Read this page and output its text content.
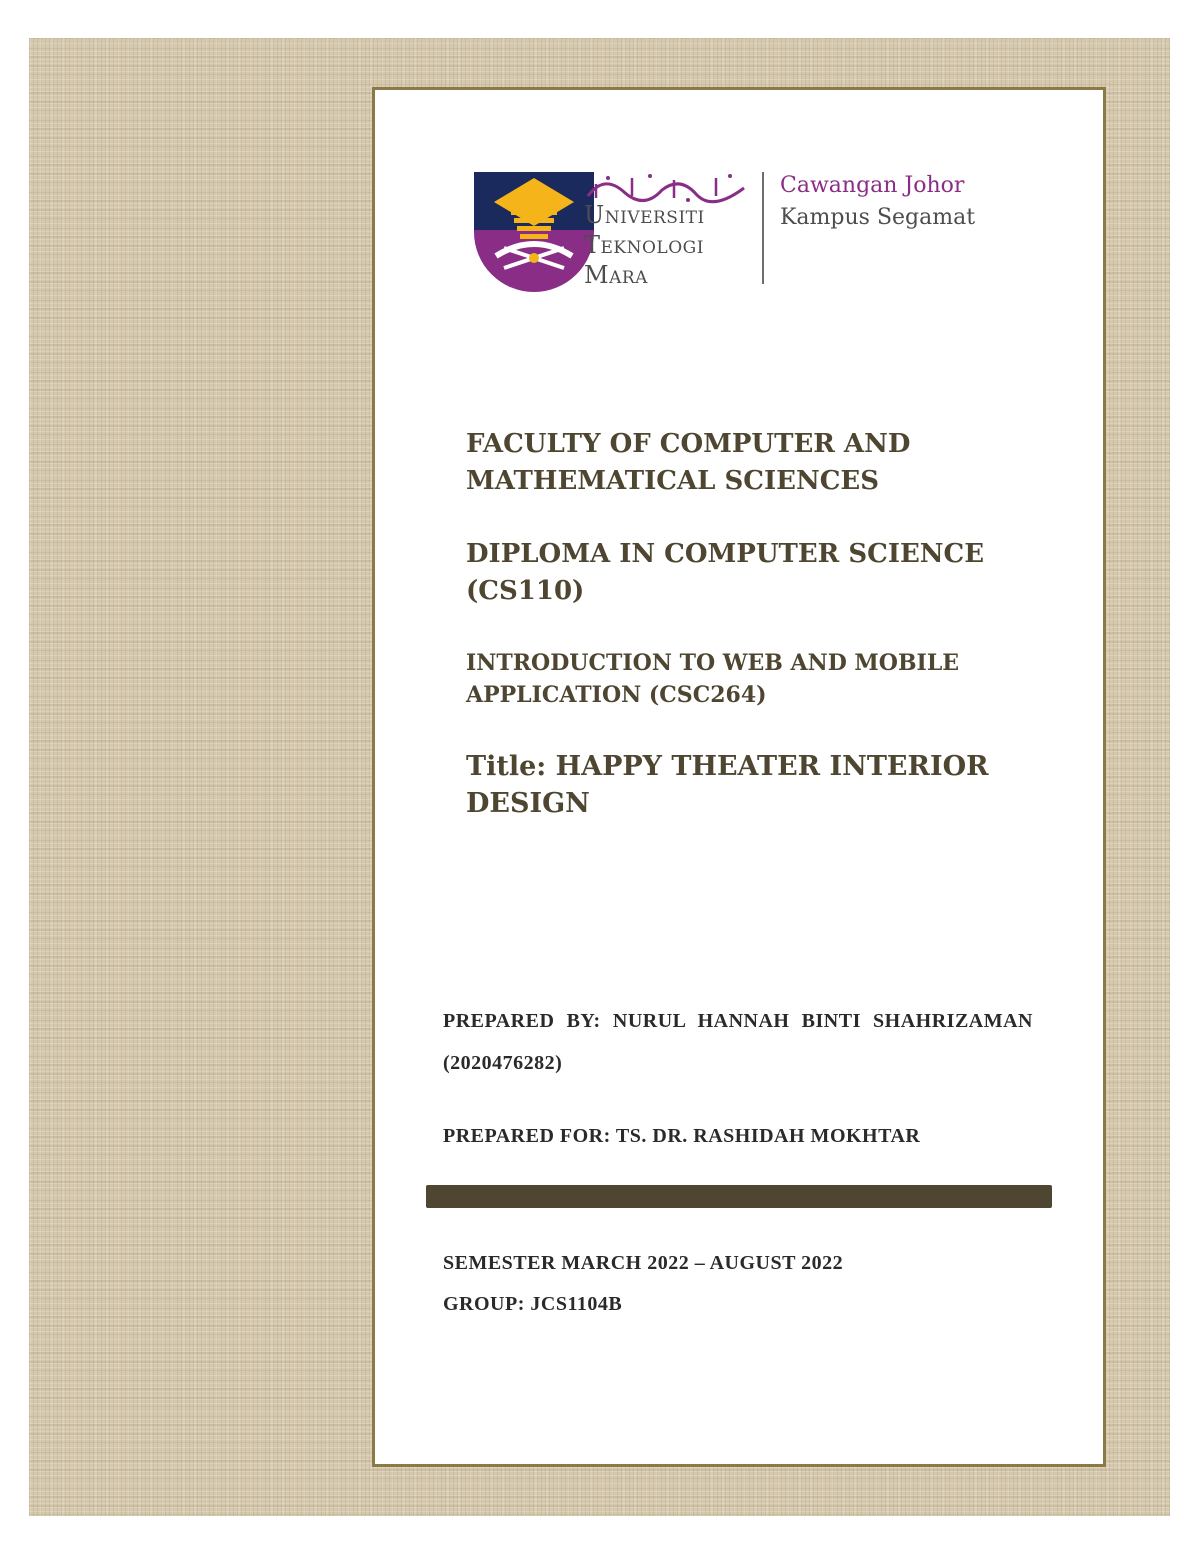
Universiti
Teknologi
Mara
Cawangan Johor
Kampus Segamat
FACULTY OF COMPUTER AND MATHEMATICAL SCIENCES
DIPLOMA IN COMPUTER SCIENCE (CS110)
INTRODUCTION TO WEB AND MOBILE APPLICATION (CSC264)
Title: HAPPY THEATER INTERIOR DESIGN
PREPARED BY: NURUL HANNAH BINTI SHAHRIZAMAN (2020476282)
PREPARED FOR: TS. DR. RASHIDAH MOKHTAR
SEMESTER MARCH 2022 – AUGUST 2022
GROUP: JCS1104B
